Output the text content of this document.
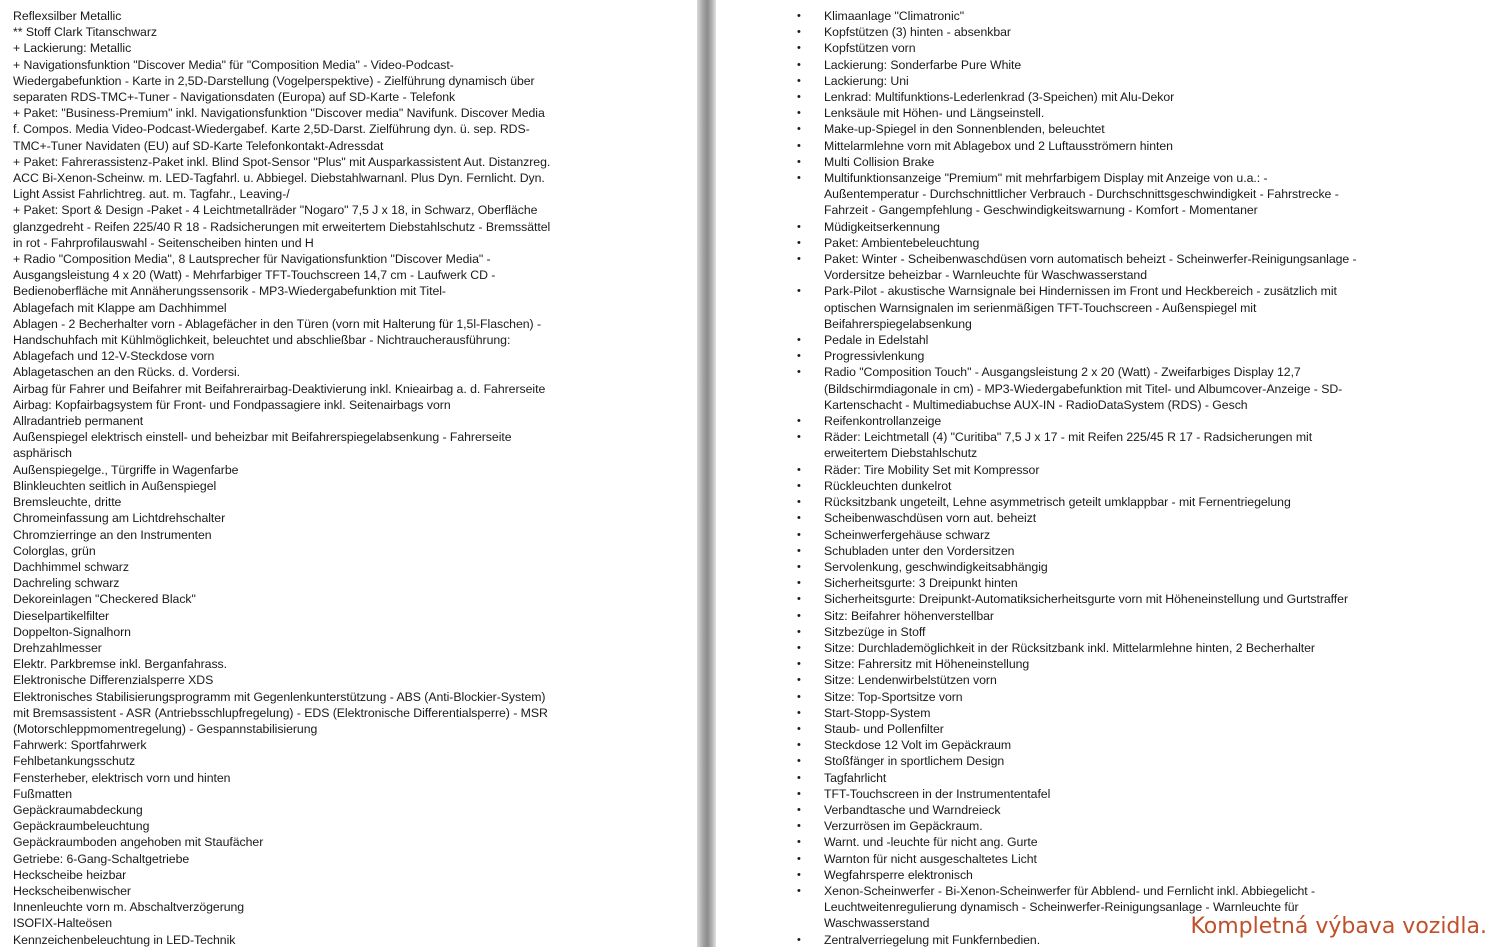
Reflexsilber Metallic
** Stoff Clark Titanschwarz
+ Lackierung: Metallic
+ Navigationsfunktion "Discover Media" für "Composition Media" - Video-Podcast-
Wiedergabefunktion - Karte in 2,5D-Darstellung (Vogelperspektive) - Zielführung dynamisch über
separaten RDS-TMC+-Tuner - Navigationsdaten (Europa) auf SD-Karte - Telefonk
+ Paket: "Business-Premium" inkl. Navigationsfunktion "Discover media" Navifunk. Discover Media
f. Compos. Media Video-Podcast-Wiedergabef. Karte 2,5D-Darst. Zielführung dyn. ü. sep. RDS-
TMC+-Tuner Navidaten (EU) auf SD-Karte Telefonkontakt-Adressdat
+ Paket: Fahrerassistenz-Paket inkl. Blind Spot-Sensor "Plus" mit Ausparkassistent Aut. Distanzreg.
ACC Bi-Xenon-Scheinw. m. LED-Tagfahrl. u. Abbiegel. Diebstahlwarnanl. Plus Dyn. Fernlicht. Dyn.
Light Assist Fahrlichtreg. aut. m. Tagfahr., Leaving-/
+ Paket: Sport & Design -Paket - 4 Leichtmetallräder "Nogaro" 7,5 J x 18, in Schwarz, Oberfläche
glanzgedreht - Reifen 225/40 R 18 - Radsicherungen mit erweitertem Diebstahlschutz - Bremssättel
in rot - Fahrprofilauswahl - Seitenscheiben hinten und H
+ Radio "Composition Media", 8 Lautsprecher für Navigationsfunktion "Discover Media" -
Ausgangsleistung 4 x 20 (Watt) - Mehrfarbiger TFT-Touchscreen 14,7 cm - Laufwerk CD -
Bedienoberfläche mit Annäherungssensorik - MP3-Wiedergabefunktion mit Titel-
Ablagefach mit Klappe am Dachhimmel
Ablagen - 2 Becherhalter vorn - Ablagefächer in den Türen (vorn mit Halterung für 1,5l-Flaschen) -
Handschuhfach mit Kühlmöglichkeit, beleuchtet und abschließbar - Nichtraucherausführung:
Ablagefach und 12-V-Steckdose vorn
Ablagetaschen an den Rücks. d. Vordersi.
Airbag für Fahrer und Beifahrer mit Beifahrerairbag-Deaktivierung inkl. Knieairbag a. d. Fahrerseite
Airbag: Kopfairbagsystem für Front- und Fondpassagiere inkl. Seitenairbags vorn
Allradantrieb permanent
Außenspiegel elektrisch einstell- und beheizbar mit Beifahrerspiegelabsenkung - Fahrerseite
asphärisch
Außenspiegelge., Türgriffe in Wagenfarbe
Blinkleuchten seitlich in Außenspiegel
Bremsleuchte, dritte
Chromeinfassung am Lichtdrehschalter
Chromzierringe an den Instrumenten
Colorglas, grün
Dachhimmel schwarz
Dachreling schwarz
Dekoreinlagen "Checkered Black"
Dieselpartikelfilter
Doppelton-Signalhorn
Drehzahlmesser
Elektr. Parkbremse inkl. Berganfahrass.
Elektronische Differenzialsperre XDS
Elektronisches Stabilisierungsprogramm mit Gegenlenkunterstützung - ABS (Anti-Blockier-System)
mit Bremsassistent - ASR (Antriebsschlupfregelung) - EDS (Elektronische Differentialsperre) - MSR
(Motorschleppmomentregelung) - Gespannstabilisierung
Fahrwerk: Sportfahrwerk
Fehlbetankungsschutz
Fensterheber, elektrisch vorn und hinten
Fußmatten
Gepäckraumabdeckung
Gepäckraumbeleuchtung
Gepäckraumboden angehoben mit Staufächer
Getriebe: 6-Gang-Schaltgetriebe
Heckscheibe heizbar
Heckscheibenwischer
Innenleuchte vorn m. Abschaltverzögerung
ISOFIX-Halteösen
Kennzeichenbeleuchtung in LED-Technik
•	Klimaanlage "Climatronic"
•	Kopfstützen (3) hinten - absenkbar
•	Kopfstützen vorn
•	Lackierung: Sonderfarbe Pure White
•	Lackierung: Uni
•	Lenkrad: Multifunktions-Lederlenkrad (3-Speichen) mit Alu-Dekor
•	Lenksäule mit Höhen- und Längseinstell.
•	Make-up-Spiegel in den Sonnenblenden, beleuchtet
•	Mittelarmlehne vorn mit Ablagebox und 2 Luftausströmern hinten
•	Multi Collision Brake
•	Multifunktionsanzeige "Premium" mit mehrfarbigem Display mit Anzeige von u.a.: -
Außentemperatur - Durchschnittlicher Verbrauch - Durchschnittsgeschwindigkeit - Fahrstrecke -
Fahrzeit - Gangempfehlung - Geschwindigkeitswarnung - Komfort - Momentaner
•	Müdigkeitserkennung
•	Paket: Ambientebeleuchtung
•	Paket: Winter - Scheibenwaschdüsen vorn automatisch beheizt - Scheinwerfer-Reinigungsanlage -
Vordersitze beheizbar - Warnleuchte für Waschwasserstand
•	Park-Pilot - akustische Warnsignale bei Hindernissen im Front und Heckbereich - zusätzlich mit
optischen Warnsignalen im serienmäßigen TFT-Touchscreen - Außenspiegel mit
Beifahrerspiegelabsenkung
•	Pedale in Edelstahl
•	Progressivlenkung
•	Radio "Composition Touch" - Ausgangsleistung 2 x 20 (Watt) - Zweifarbiges Display 12,7
(Bildschirmdiagonale in cm) - MP3-Wiedergabefunktion mit Titel- und Albumcover-Anzeige - SD-
Kartenschacht - Multimediabuchse AUX-IN - RadioDataSystem (RDS) - Gesch
•	Reifenkontrollanzeige
•	Räder: Leichtmetall (4) "Curitiba" 7,5 J x 17 - mit Reifen 225/45 R 17 - Radsicherungen mit
erweitertem Diebstahlschutz
•	Räder: Tire Mobility Set mit Kompressor
•	Rückleuchten dunkelrot
•	Rücksitzbank ungeteilt, Lehne asymmetrisch geteilt umklappbar - mit Fernentriegelung
•	Scheibenwaschdüsen vorn aut. beheizt
•	Scheinwerfergehäuse schwarz
•	Schubladen unter den Vordersitzen
•	Servolenkung, geschwindigkeitsabhängig
•	Sicherheitsgurte: 3 Dreipunkt hinten
•	Sicherheitsgurte: Dreipunkt-Automatiksicherheitsgurte vorn mit Höheneinstellung und Gurtstraffer
•	Sitz: Beifahrer höhenverstellbar
•	Sitzbezüge in Stoff
•	Sitze: Durchlademöglichkeit in der Rücksitzbank inkl. Mittelarmlehne hinten, 2 Becherhalter
•	Sitze: Fahrersitz mit Höheneinstellung
•	Sitze: Lendenwirbelstützen vorn
•	Sitze: Top-Sportsitze vorn
•	Start-Stopp-System
•	Staub- und Pollenfilter
•	Steckdose 12 Volt im Gepäckraum
•	Stoßfänger in sportlichem Design
•	Tagfahrlicht
•	TFT-Touchscreen in der Instrumententafel
•	Verbandtasche und Warndreieck
•	Verzurrösen im Gepäckraum.
•	Warnt. und -leuchte für nicht ang. Gurte
•	Warnton für nicht ausgeschaltetes Licht
•	Wegfahrsperre elektronisch
•	Xenon-Scheinwerfer - Bi-Xenon-Scheinwerfer für Abblend- und Fernlicht inkl. Abbiegelicht -
Leuchtweitenregulierung dynamisch - Scheinwerfer-Reinigungsanlage - Warnleuchte für
Waschwasserstand
•	Zentralverriegelung mit Funkfernbedien.
Kompletná výbava vozidla.
